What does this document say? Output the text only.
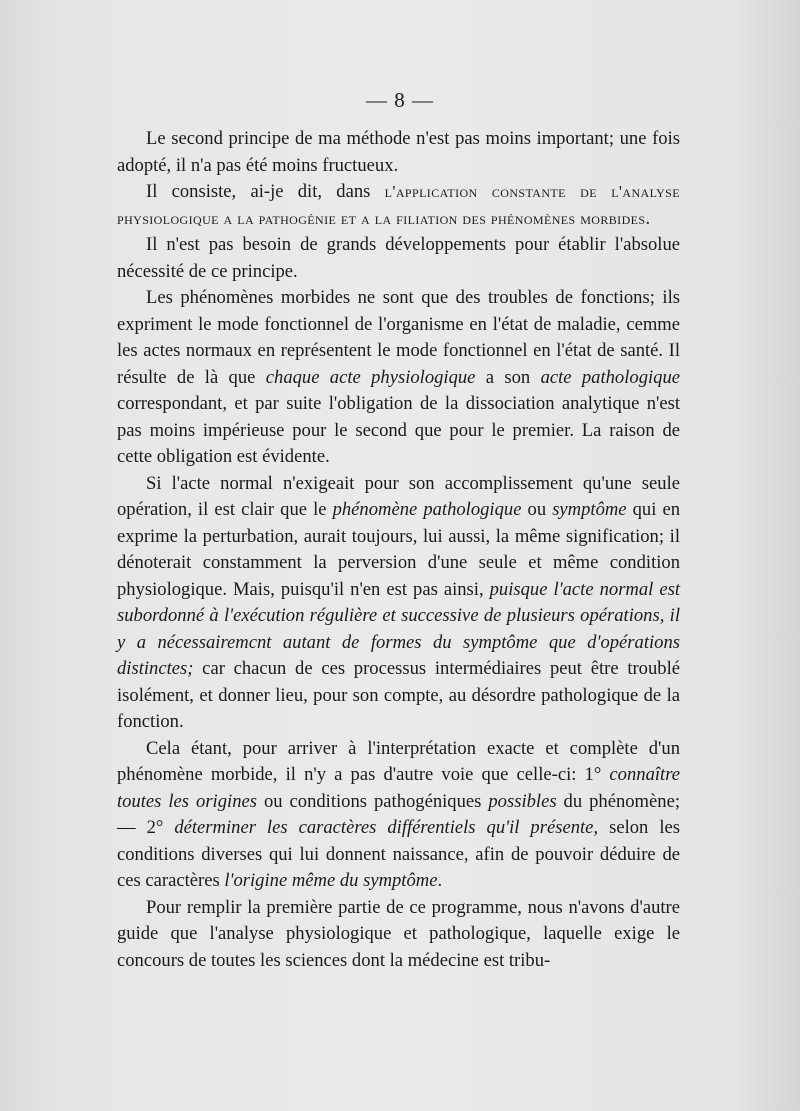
— 8 —

Le second principe de ma méthode n'est pas moins important; une fois adopté, il n'a pas été moins fructueux.

Il consiste, ai-je dit, dans l'application constante de l'analyse physiologique a la pathogénie et a la filiation des phénomènes morbides.

Il n'est pas besoin de grands développements pour établir l'absolue nécessité de ce principe.

Les phénomènes morbides ne sont que des troubles de fonctions; ils expriment le mode fonctionnel de l'organisme en l'état de maladie, cemme les actes normaux en représentent le mode fonctionnel en l'état de santé. Il résulte de là que chaque acte physiologique a son acte pathologique correspondant, et par suite l'obligation de la dissociation analytique n'est pas moins impérieuse pour le second que pour le premier. La raison de cette obligation est évidente.

Si l'acte normal n'exigeait pour son accomplissement qu'une seule opération, il est clair que le phénomène pathologique ou symptôme qui en exprime la perturbation, aurait toujours, lui aussi, la même signification; il dénoterait constamment la perversion d'une seule et même condition physiologique. Mais, puisqu'il n'en est pas ainsi, puisque l'acte normal est subordonné à l'exécution régulière et successive de plusieurs opérations, il y a nécessairemcnt autant de formes du symptôme que d'opérations distinctes; car chacun de ces processus intermédiaires peut être troublé isolément, et donner lieu, pour son compte, au désordre pathologique de la fonction.

Cela étant, pour arriver à l'interprétation exacte et complète d'un phénomène morbide, il n'y a pas d'autre voie que celle-ci: 1° connaître toutes les origines ou conditions pathogéniques possibles du phénomène; — 2° déterminer les caractères différentiels qu'il présente, selon les conditions diverses qui lui donnent naissance, afin de pouvoir déduire de ces caractères l'origine même du symptôme.

Pour remplir la première partie de ce programme, nous n'avons d'autre guide que l'analyse physiologique et pathologique, laquelle exige le concours de toutes les sciences dont la médecine est tribu-
